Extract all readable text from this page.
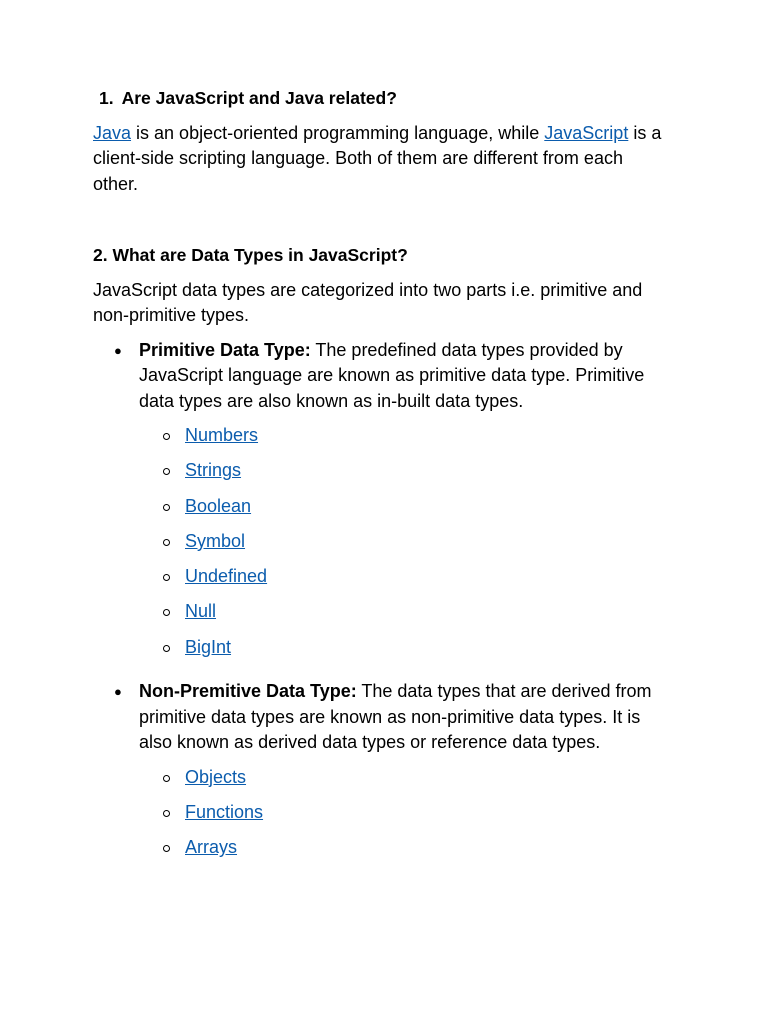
1. Are JavaScript and Java related?

Java is an object-oriented programming language, while JavaScript is a client-side scripting language. Both of them are different from each other.

2. What are Data Types in JavaScript?

JavaScript data types are categorized into two parts i.e. primitive and non-primitive types.

● Primitive Data Type: The predefined data types provided by JavaScript language are known as primitive data type. Primitive data types are also known as in-built data types.
Numbers
Strings
Boolean
Symbol
Undefined
Null
BigInt
● Non-Premitive Data Type: The data types that are derived from primitive data types are known as non-primitive data types. It is also known as derived data types or reference data types.
Objects
Functions
Arrays
